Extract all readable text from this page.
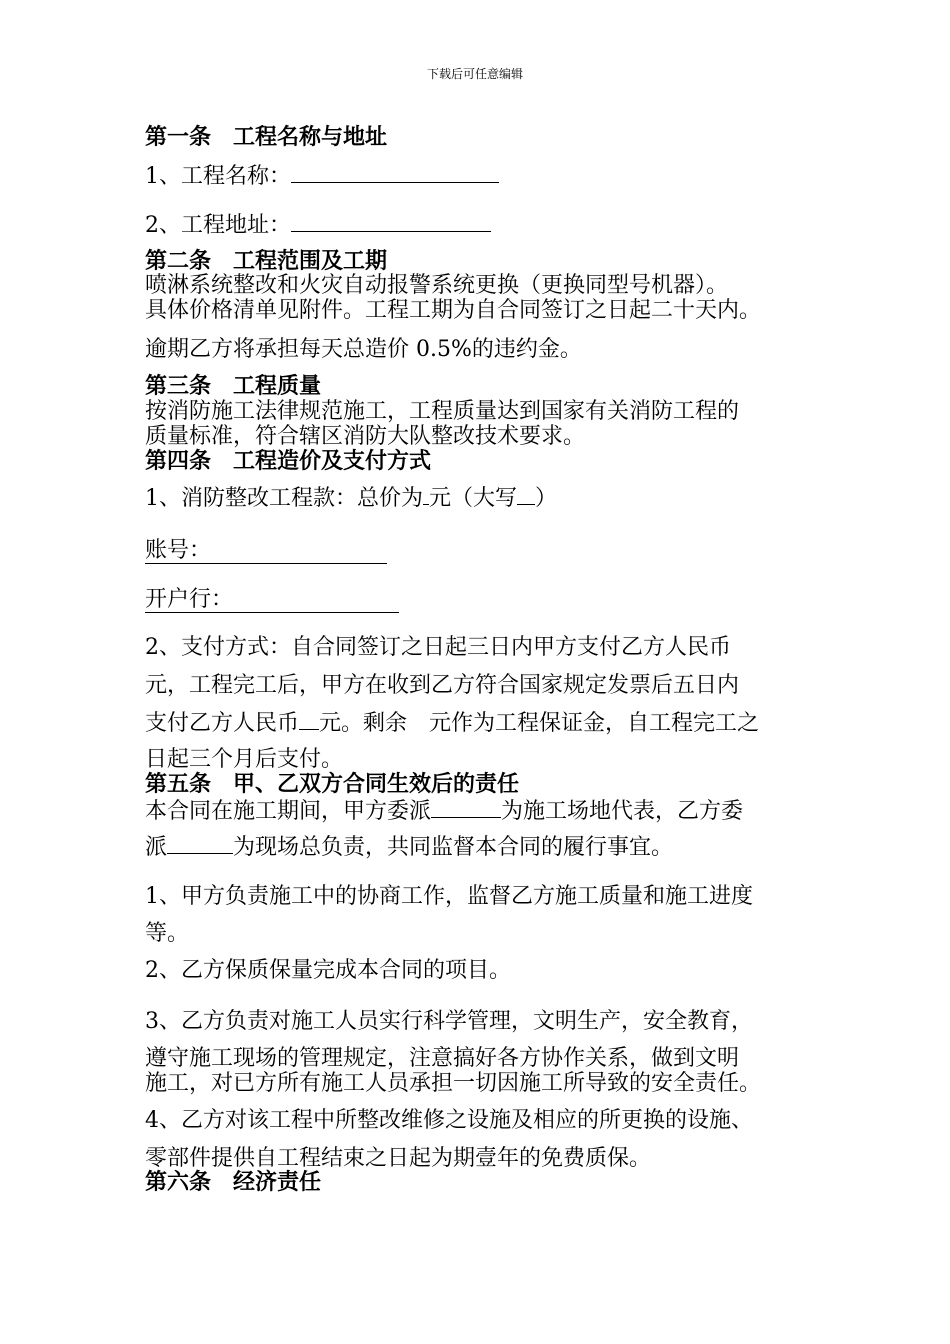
下载后可任意编辑
第一条　工程名称与地址
1、工程名称：
2、工程地址：
第二条　工程范围及工期
喷淋系统整改和火灾自动报警系统更换（更换同型号机器）。
具体价格清单见附件。工程工期为自合同签订之日起二十天内。
逾期乙方将承担每天总造价 0.5%的违约金。
第三条　工程质量
按消防施工法律规范施工，工程质量达到国家有关消防工程的
质量标准，符合辖区消防大队整改技术要求。
第四条　工程造价及支付方式
1、消防整改工程款：总价为 元（大写 ）
账号：
开户行：
2、支付方式：自合同签订之日起三日内甲方支付乙方人民币
元，工程完工后，甲方在收到乙方符合国家规定发票后五日内
支付乙方人民币 元。剩余　元作为工程保证金，自工程完工之
日起三个月后支付。
第五条　甲、乙双方合同生效后的责任
本合同在施工期间，甲方委派	为施工场地代表，乙方委
派	为现场总负责，共同监督本合同的履行事宜。
1、甲方负责施工中的协商工作，监督乙方施工质量和施工进度
等。
2、乙方保质保量完成本合同的项目。
3、乙方负责对施工人员实行科学管理，文明生产，安全教育，
遵守施工现场的管理规定，注意搞好各方协作关系，做到文明
施工，对已方所有施工人员承担一切因施工所导致的安全责任。
4、乙方对该工程中所整改维修之设施及相应的所更换的设施、
零部件提供自工程结束之日起为期壹年的免费质保。
第六条　经济责任
